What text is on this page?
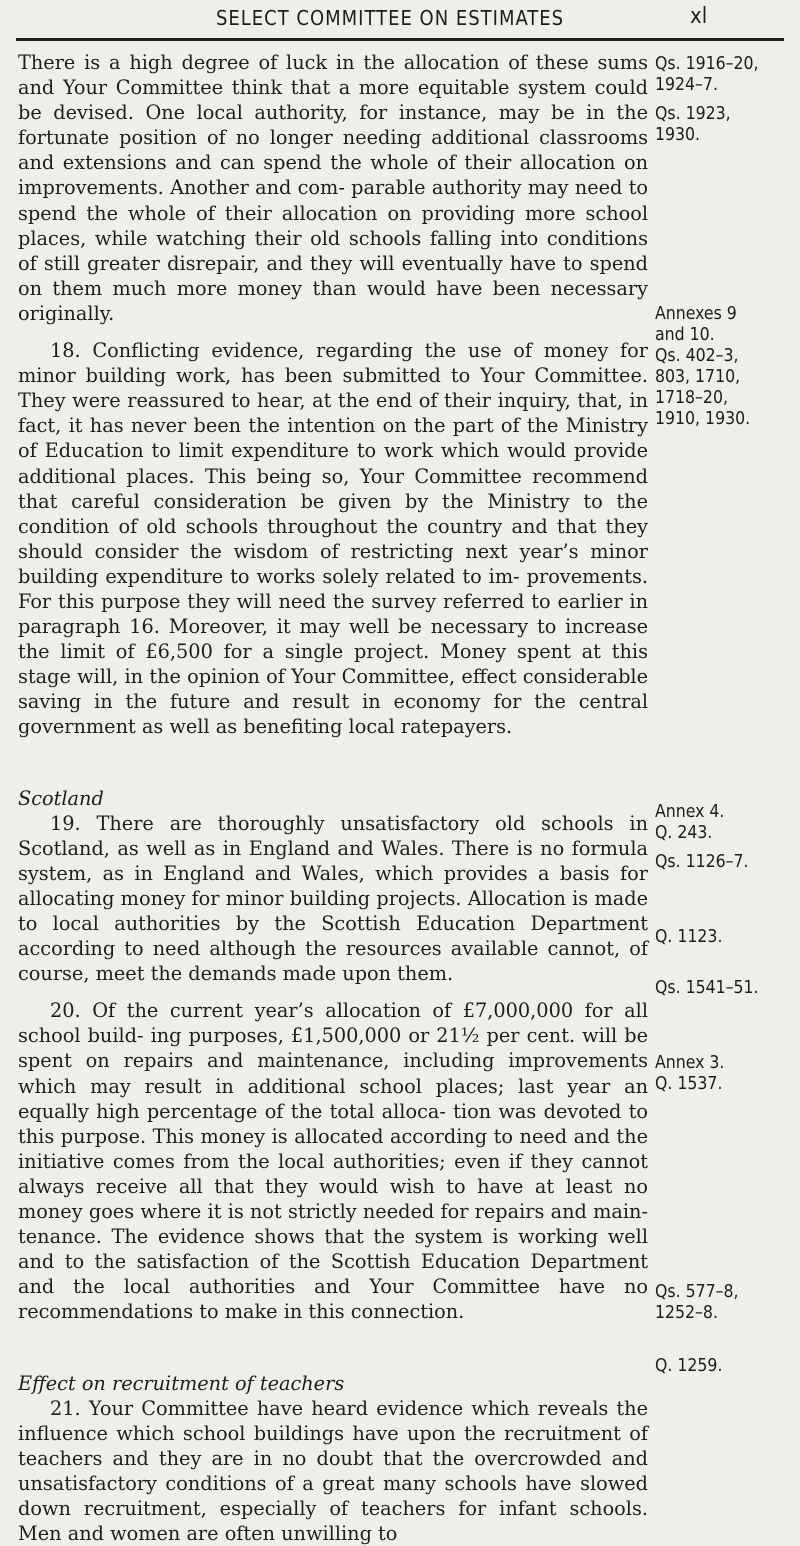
SELECT COMMITTEE ON ESTIMATES	xl

There is a high degree of luck in the allocation of these sums and Your Committee think that a more equitable system could be devised. One local authority, for instance, may be in the fortunate position of no longer needing additional classrooms and extensions and can spend the whole of their allocation on improvements. Another and com- parable authority may need to spend the whole of their allocation on providing more school places, while watching their old schools falling into conditions of still greater disrepair, and they will eventually have to spend on them much more money than would have been necessary originally.

18. Conflicting evidence, regarding the use of money for minor building work, has been submitted to Your Committee. They were reassured to hear, at the end of their inquiry, that, in fact, it has never been the intention on the part of the Ministry of Education to limit expenditure to work which would provide additional places. This being so, Your Committee recommend that careful consideration be given by the Ministry to the condition of old schools throughout the country and that they should consider the wisdom of restricting next year’s minor building expenditure to works solely related to im- provements. For this purpose they will need the survey referred to earlier in paragraph 16. Moreover, it may well be necessary to increase the limit of £6,500 for a single project. Money spent at this stage will, in the opinion of Your Committee, effect considerable saving in the future and result in economy for the central government as well as benefiting local ratepayers.

Scotland

19. There are thoroughly unsatisfactory old schools in Scotland, as well as in England and Wales. There is no formula system, as in England and Wales, which provides a basis for allocating money for minor building projects. Allocation is made to local authorities by the Scottish Education Department according to need although the resources available cannot, of course, meet the demands made upon them.

20. Of the current year’s allocation of £7,000,000 for all school build- ing purposes, £1,500,000 or 21½ per cent. will be spent on repairs and maintenance, including improvements which may result in additional school places; last year an equally high percentage of the total alloca- tion was devoted to this purpose. This money is allocated according to need and the initiative comes from the local authorities; even if they cannot always receive all that they would wish to have at least no money goes where it is not strictly needed for repairs and main- tenance. The evidence shows that the system is working well and to the satisfaction of the Scottish Education Department and the local authorities and Your Committee have no recommendations to make in this connection.

Effect on recruitment of teachers

21. Your Committee have heard evidence which reveals the influence which school buildings have upon the recruitment of teachers and they are in no doubt that the overcrowded and unsatisfactory conditions of a great many schools have slowed down recruitment, especially of teachers for infant schools. Men and women are often unwilling to

Qs. 1916–20,
1924–7.
Qs. 1923,
1930.
Annexes 9
and 10.
Qs. 402–3,
803, 1710,
1718–20,
1910, 1930.
Annex 4.
Q. 243.
Qs. 1126–7.
Q. 1123.
Qs. 1541–51.
Annex 3.
Q. 1537.
Qs. 577–8,
1252–8.
Q. 1259.
